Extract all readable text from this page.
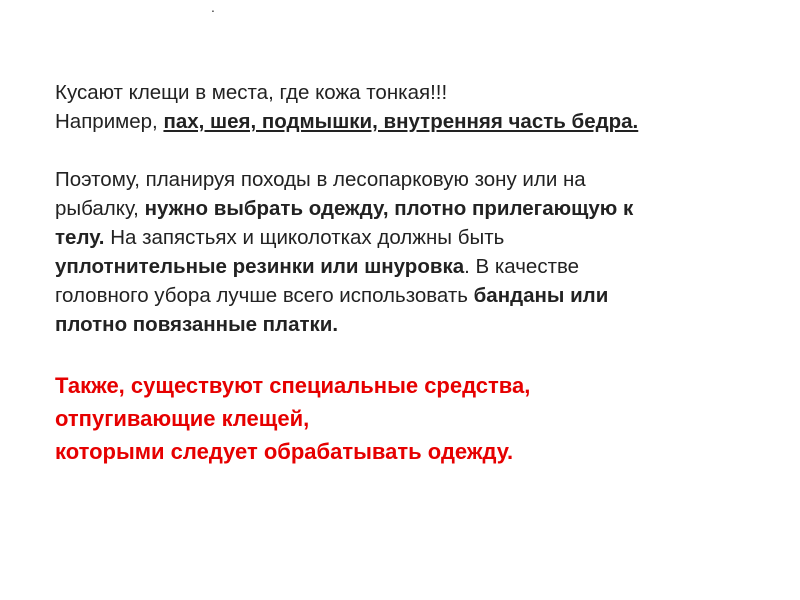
.
Кусают клещи в места, где кожа тонкая!!!
Например, пах, шея, подмышки, внутренняя часть бедра.
Поэтому, планируя походы в лесопарковую зону или на
рыбалку, нужно выбрать одежду, плотно прилегающую к
телу. На запястьях и щиколотках должны быть
уплотнительные резинки или шнуровка. В качестве
головного убора лучше всего использовать банданы или
плотно повязанные платки.
Также, существуют специальные средства,
отпугивающие клещей,
которыми следует обрабатывать одежду.
